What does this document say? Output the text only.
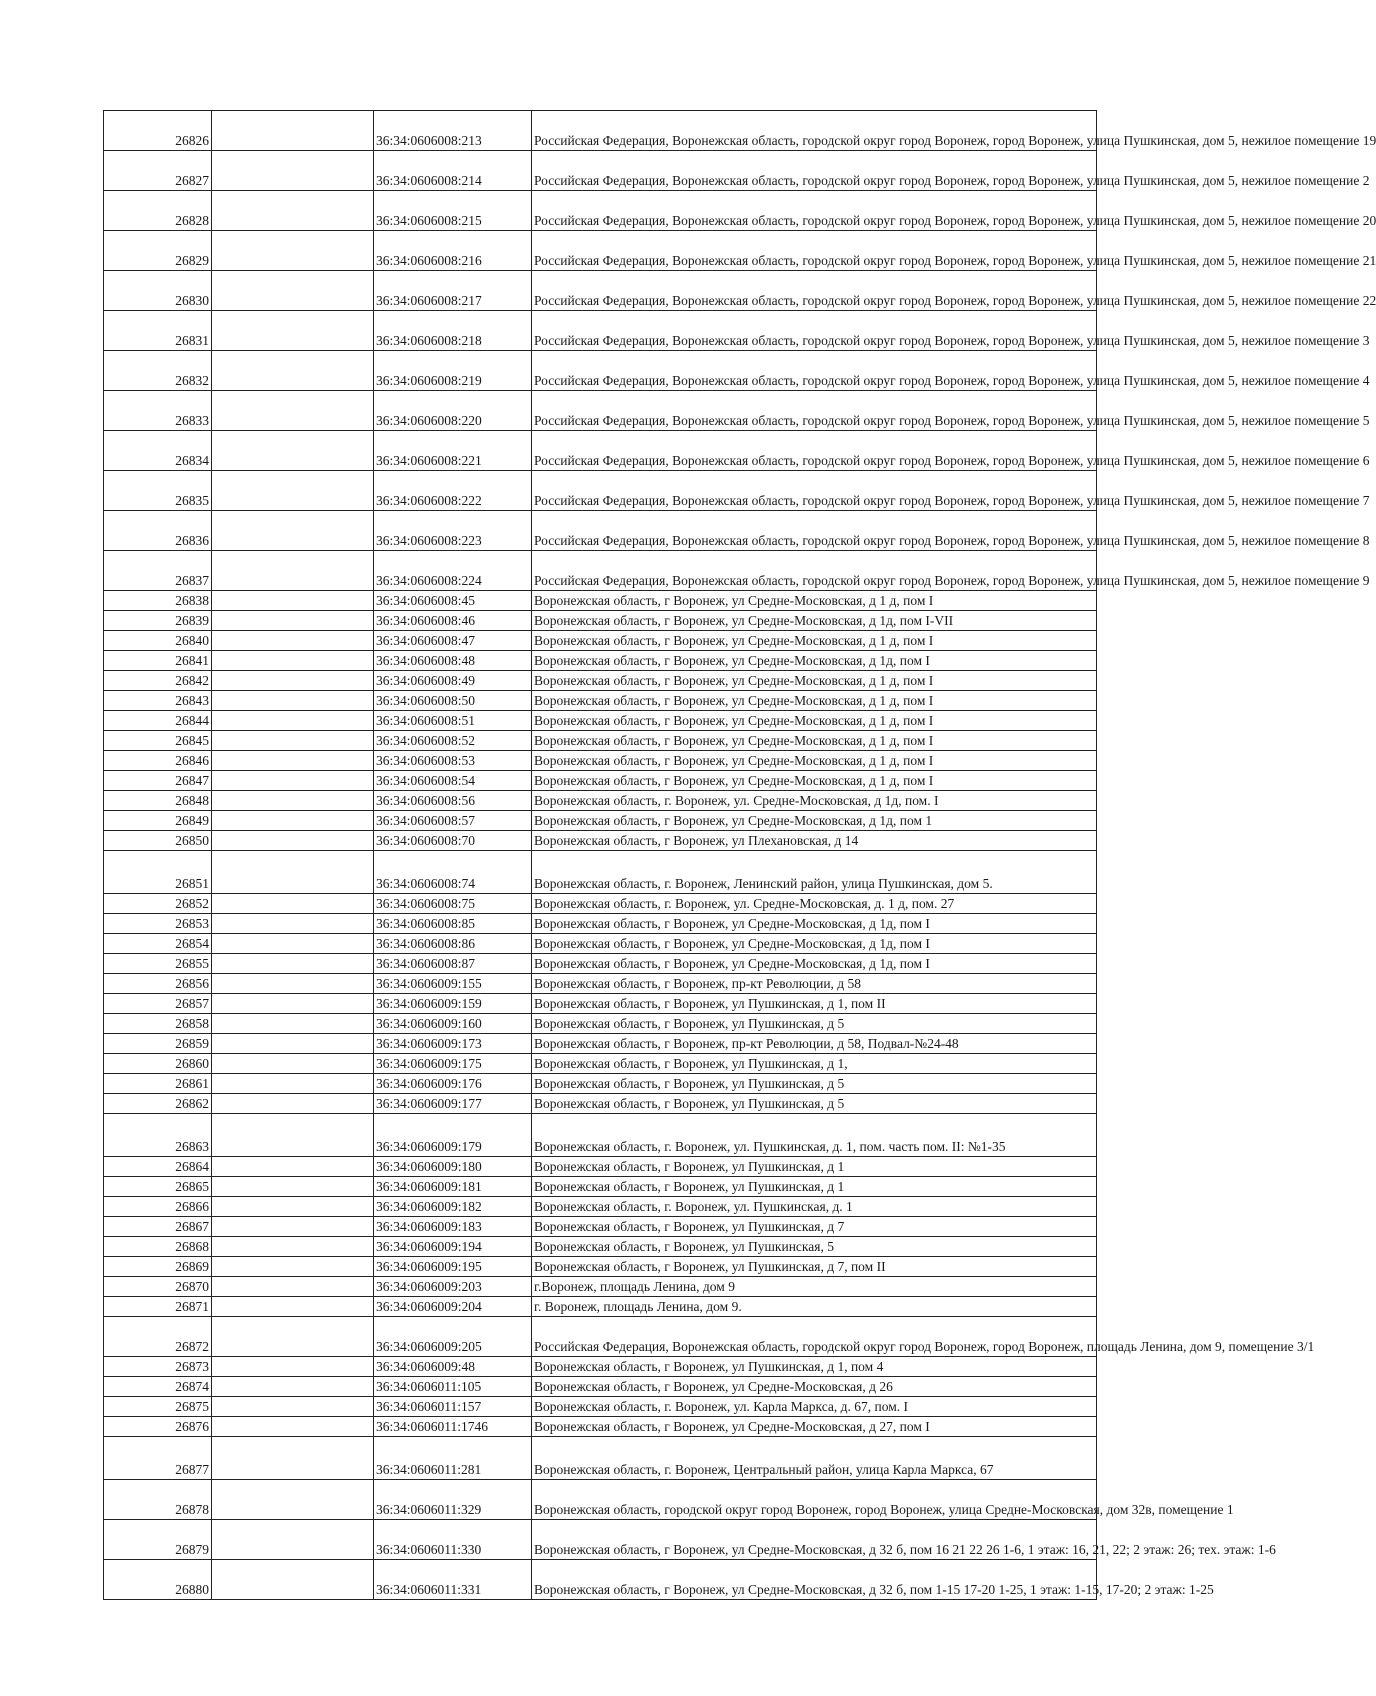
26826		36:34:0606008:213	Российская Федерация, Воронежская область, городской округ город Воронеж, город Воронеж, улица Пушкинская, дом 5, нежилое помещение 19
26827		36:34:0606008:214	Российская Федерация, Воронежская область, городской округ город Воронеж, город Воронеж, улица Пушкинская, дом 5, нежилое помещение 2
26828		36:34:0606008:215	Российская Федерация, Воронежская область, городской округ город Воронеж, город Воронеж, улица Пушкинская, дом 5, нежилое помещение 20
26829		36:34:0606008:216	Российская Федерация, Воронежская область, городской округ город Воронеж, город Воронеж, улица Пушкинская, дом 5, нежилое помещение 21
26830		36:34:0606008:217	Российская Федерация, Воронежская область, городской округ город Воронеж, город Воронеж, улица Пушкинская, дом 5, нежилое помещение 22
26831		36:34:0606008:218	Российская Федерация, Воронежская область, городской округ город Воронеж, город Воронеж, улица Пушкинская, дом 5, нежилое помещение 3
26832		36:34:0606008:219	Российская Федерация, Воронежская область, городской округ город Воронеж, город Воронеж, улица Пушкинская, дом 5, нежилое помещение 4
26833		36:34:0606008:220	Российская Федерация, Воронежская область, городской округ город Воронеж, город Воронеж, улица Пушкинская, дом 5, нежилое помещение 5
26834		36:34:0606008:221	Российская Федерация, Воронежская область, городской округ город Воронеж, город Воронеж, улица Пушкинская, дом 5, нежилое помещение 6
26835		36:34:0606008:222	Российская Федерация, Воронежская область, городской округ город Воронеж, город Воронеж, улица Пушкинская, дом 5, нежилое помещение 7
26836		36:34:0606008:223	Российская Федерация, Воронежская область, городской округ город Воронеж, город Воронеж, улица Пушкинская, дом 5, нежилое помещение 8
26837		36:34:0606008:224	Российская Федерация, Воронежская область, городской округ город Воронеж, город Воронеж, улица Пушкинская, дом 5, нежилое помещение 9
26838		36:34:0606008:45	Воронежская область, г Воронеж, ул Средне-Московская, д 1 д, пом I
26839		36:34:0606008:46	Воронежская область, г Воронеж, ул Средне-Московская, д 1д, пом I-VII
26840		36:34:0606008:47	Воронежская область, г Воронеж, ул Средне-Московская, д 1 д, пом I
26841		36:34:0606008:48	Воронежская область, г Воронеж, ул Средне-Московская, д 1д, пом I
26842		36:34:0606008:49	Воронежская область, г Воронеж, ул Средне-Московская, д 1 д, пом I
26843		36:34:0606008:50	Воронежская область, г Воронеж, ул Средне-Московская, д 1 д, пом I
26844		36:34:0606008:51	Воронежская область, г Воронеж, ул Средне-Московская, д 1 д, пом I
26845		36:34:0606008:52	Воронежская область, г Воронеж, ул Средне-Московская, д 1 д, пом I
26846		36:34:0606008:53	Воронежская область, г Воронеж, ул Средне-Московская, д 1 д, пом I
26847		36:34:0606008:54	Воронежская область, г Воронеж, ул Средне-Московская, д 1 д, пом I
26848		36:34:0606008:56	Воронежская область, г. Воронеж, ул. Средне-Московская, д 1д, пом. I
26849		36:34:0606008:57	Воронежская область, г Воронеж, ул Средне-Московская, д 1д, пом 1
26850		36:34:0606008:70	Воронежская область, г Воронеж, ул Плехановская, д 14
26851		36:34:0606008:74	Воронежская область, г. Воронеж, Ленинский район, улица Пушкинская, дом 5.
26852		36:34:0606008:75	Воронежская область, г. Воронеж, ул. Средне-Московская, д. 1 д, пом. 27
26853		36:34:0606008:85	Воронежская область, г Воронеж, ул Средне-Московская, д 1д, пом I
26854		36:34:0606008:86	Воронежская область, г Воронеж, ул Средне-Московская, д 1д, пом I
26855		36:34:0606008:87	Воронежская область, г Воронеж, ул Средне-Московская, д 1д, пом I
26856		36:34:0606009:155	Воронежская область, г Воронеж, пр-кт Революции, д 58
26857		36:34:0606009:159	Воронежская область, г Воронеж, ул Пушкинская, д 1, пом II
26858		36:34:0606009:160	Воронежская область, г Воронеж, ул Пушкинская, д 5
26859		36:34:0606009:173	Воронежская область, г Воронеж, пр-кт Революции, д 58, Подвал-№24-48
26860		36:34:0606009:175	Воронежская область, г Воронеж, ул Пушкинская, д 1,
26861		36:34:0606009:176	Воронежская область, г Воронеж, ул Пушкинская, д 5
26862		36:34:0606009:177	Воронежская область, г Воронеж, ул Пушкинская, д 5
26863		36:34:0606009:179	Воронежская область, г. Воронеж, ул. Пушкинская, д. 1, пом. часть пом. II: №1-35
26864		36:34:0606009:180	Воронежская область, г Воронеж, ул Пушкинская, д 1
26865		36:34:0606009:181	Воронежская область, г Воронеж, ул Пушкинская, д 1
26866		36:34:0606009:182	Воронежская область, г. Воронеж, ул. Пушкинская, д. 1
26867		36:34:0606009:183	Воронежская область, г Воронеж, ул Пушкинская, д 7
26868		36:34:0606009:194	Воронежская область, г Воронеж, ул Пушкинская, 5
26869		36:34:0606009:195	Воронежская область, г Воронеж, ул Пушкинская, д 7, пом II
26870		36:34:0606009:203	г.Воронеж, площадь Ленина, дом 9
26871		36:34:0606009:204	г. Воронеж, площадь Ленина, дом 9.
26872		36:34:0606009:205	Российская Федерация, Воронежская область, городской округ город Воронеж, город Воронеж, площадь Ленина, дом 9, помещение 3/1
26873		36:34:0606009:48	Воронежская область, г Воронеж, ул Пушкинская, д 1, пом 4
26874		36:34:0606011:105	Воронежская область, г Воронеж, ул Средне-Московская, д 26
26875		36:34:0606011:157	Воронежская область, г. Воронеж, ул. Карла Маркса, д. 67, пом. I
26876		36:34:0606011:1746	Воронежская область, г Воронеж, ул Средне-Московская, д 27, пом I
26877		36:34:0606011:281	Воронежская область, г. Воронеж, Центральный район, улица Карла Маркса, 67
26878		36:34:0606011:329	Воронежская область, городской округ город Воронеж, город Воронеж, улица Средне-Московская, дом 32в, помещение 1
26879		36:34:0606011:330	Воронежская область, г Воронеж, ул Средне-Московская, д 32 б, пом 16 21 22 26 1-6, 1 этаж: 16, 21, 22; 2 этаж: 26; тех. этаж: 1-6
26880		36:34:0606011:331	Воронежская область, г Воронеж, ул Средне-Московская, д 32 б, пом 1-15 17-20 1-25, 1 этаж: 1-15, 17-20; 2 этаж: 1-25
